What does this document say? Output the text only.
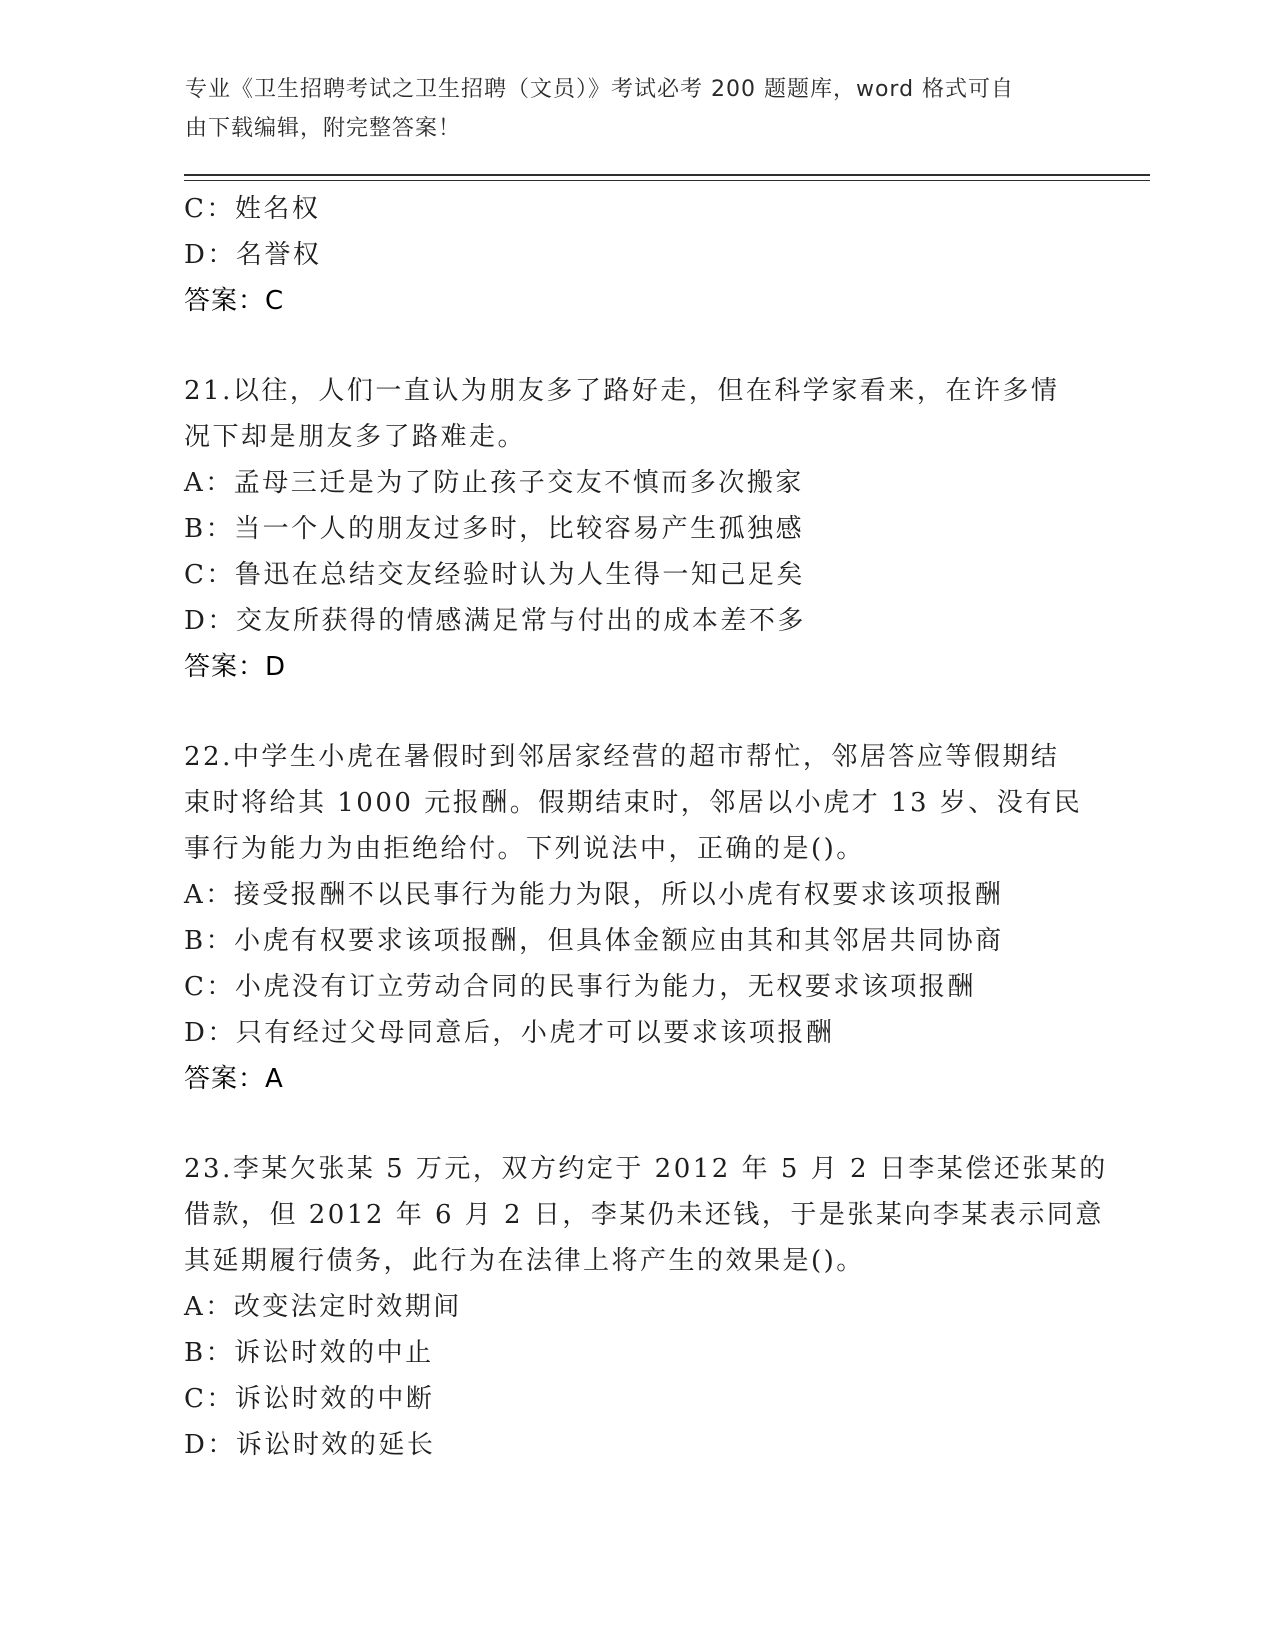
专业《卫生招聘考试之卫生招聘（文员）》考试必考 200 题题库，word 格式可自
由下载编辑，附完整答案！
C：姓名权
D：名誉权
答案：C
21.以往，人们一直认为朋友多了路好走，但在科学家看来，在许多情
况下却是朋友多了路难走。
A：孟母三迁是为了防止孩子交友不慎而多次搬家
B：当一个人的朋友过多时，比较容易产生孤独感
C：鲁迅在总结交友经验时认为人生得一知己足矣
D：交友所获得的情感满足常与付出的成本差不多
答案：D
22.中学生小虎在暑假时到邻居家经营的超市帮忙，邻居答应等假期结
束时将给其 1000 元报酬。假期结束时，邻居以小虎才 13 岁、没有民
事行为能力为由拒绝给付。下列说法中，正确的是()。
A：接受报酬不以民事行为能力为限，所以小虎有权要求该项报酬
B：小虎有权要求该项报酬，但具体金额应由其和其邻居共同协商
C：小虎没有订立劳动合同的民事行为能力，无权要求该项报酬
D：只有经过父母同意后，小虎才可以要求该项报酬
答案：A
23.李某欠张某 5 万元，双方约定于 2012 年 5 月 2 日李某偿还张某的
借款，但 2012 年 6 月 2 日，李某仍未还钱，于是张某向李某表示同意
其延期履行债务，此行为在法律上将产生的效果是()。
A：改变法定时效期间
B：诉讼时效的中止
C：诉讼时效的中断
D：诉讼时效的延长
